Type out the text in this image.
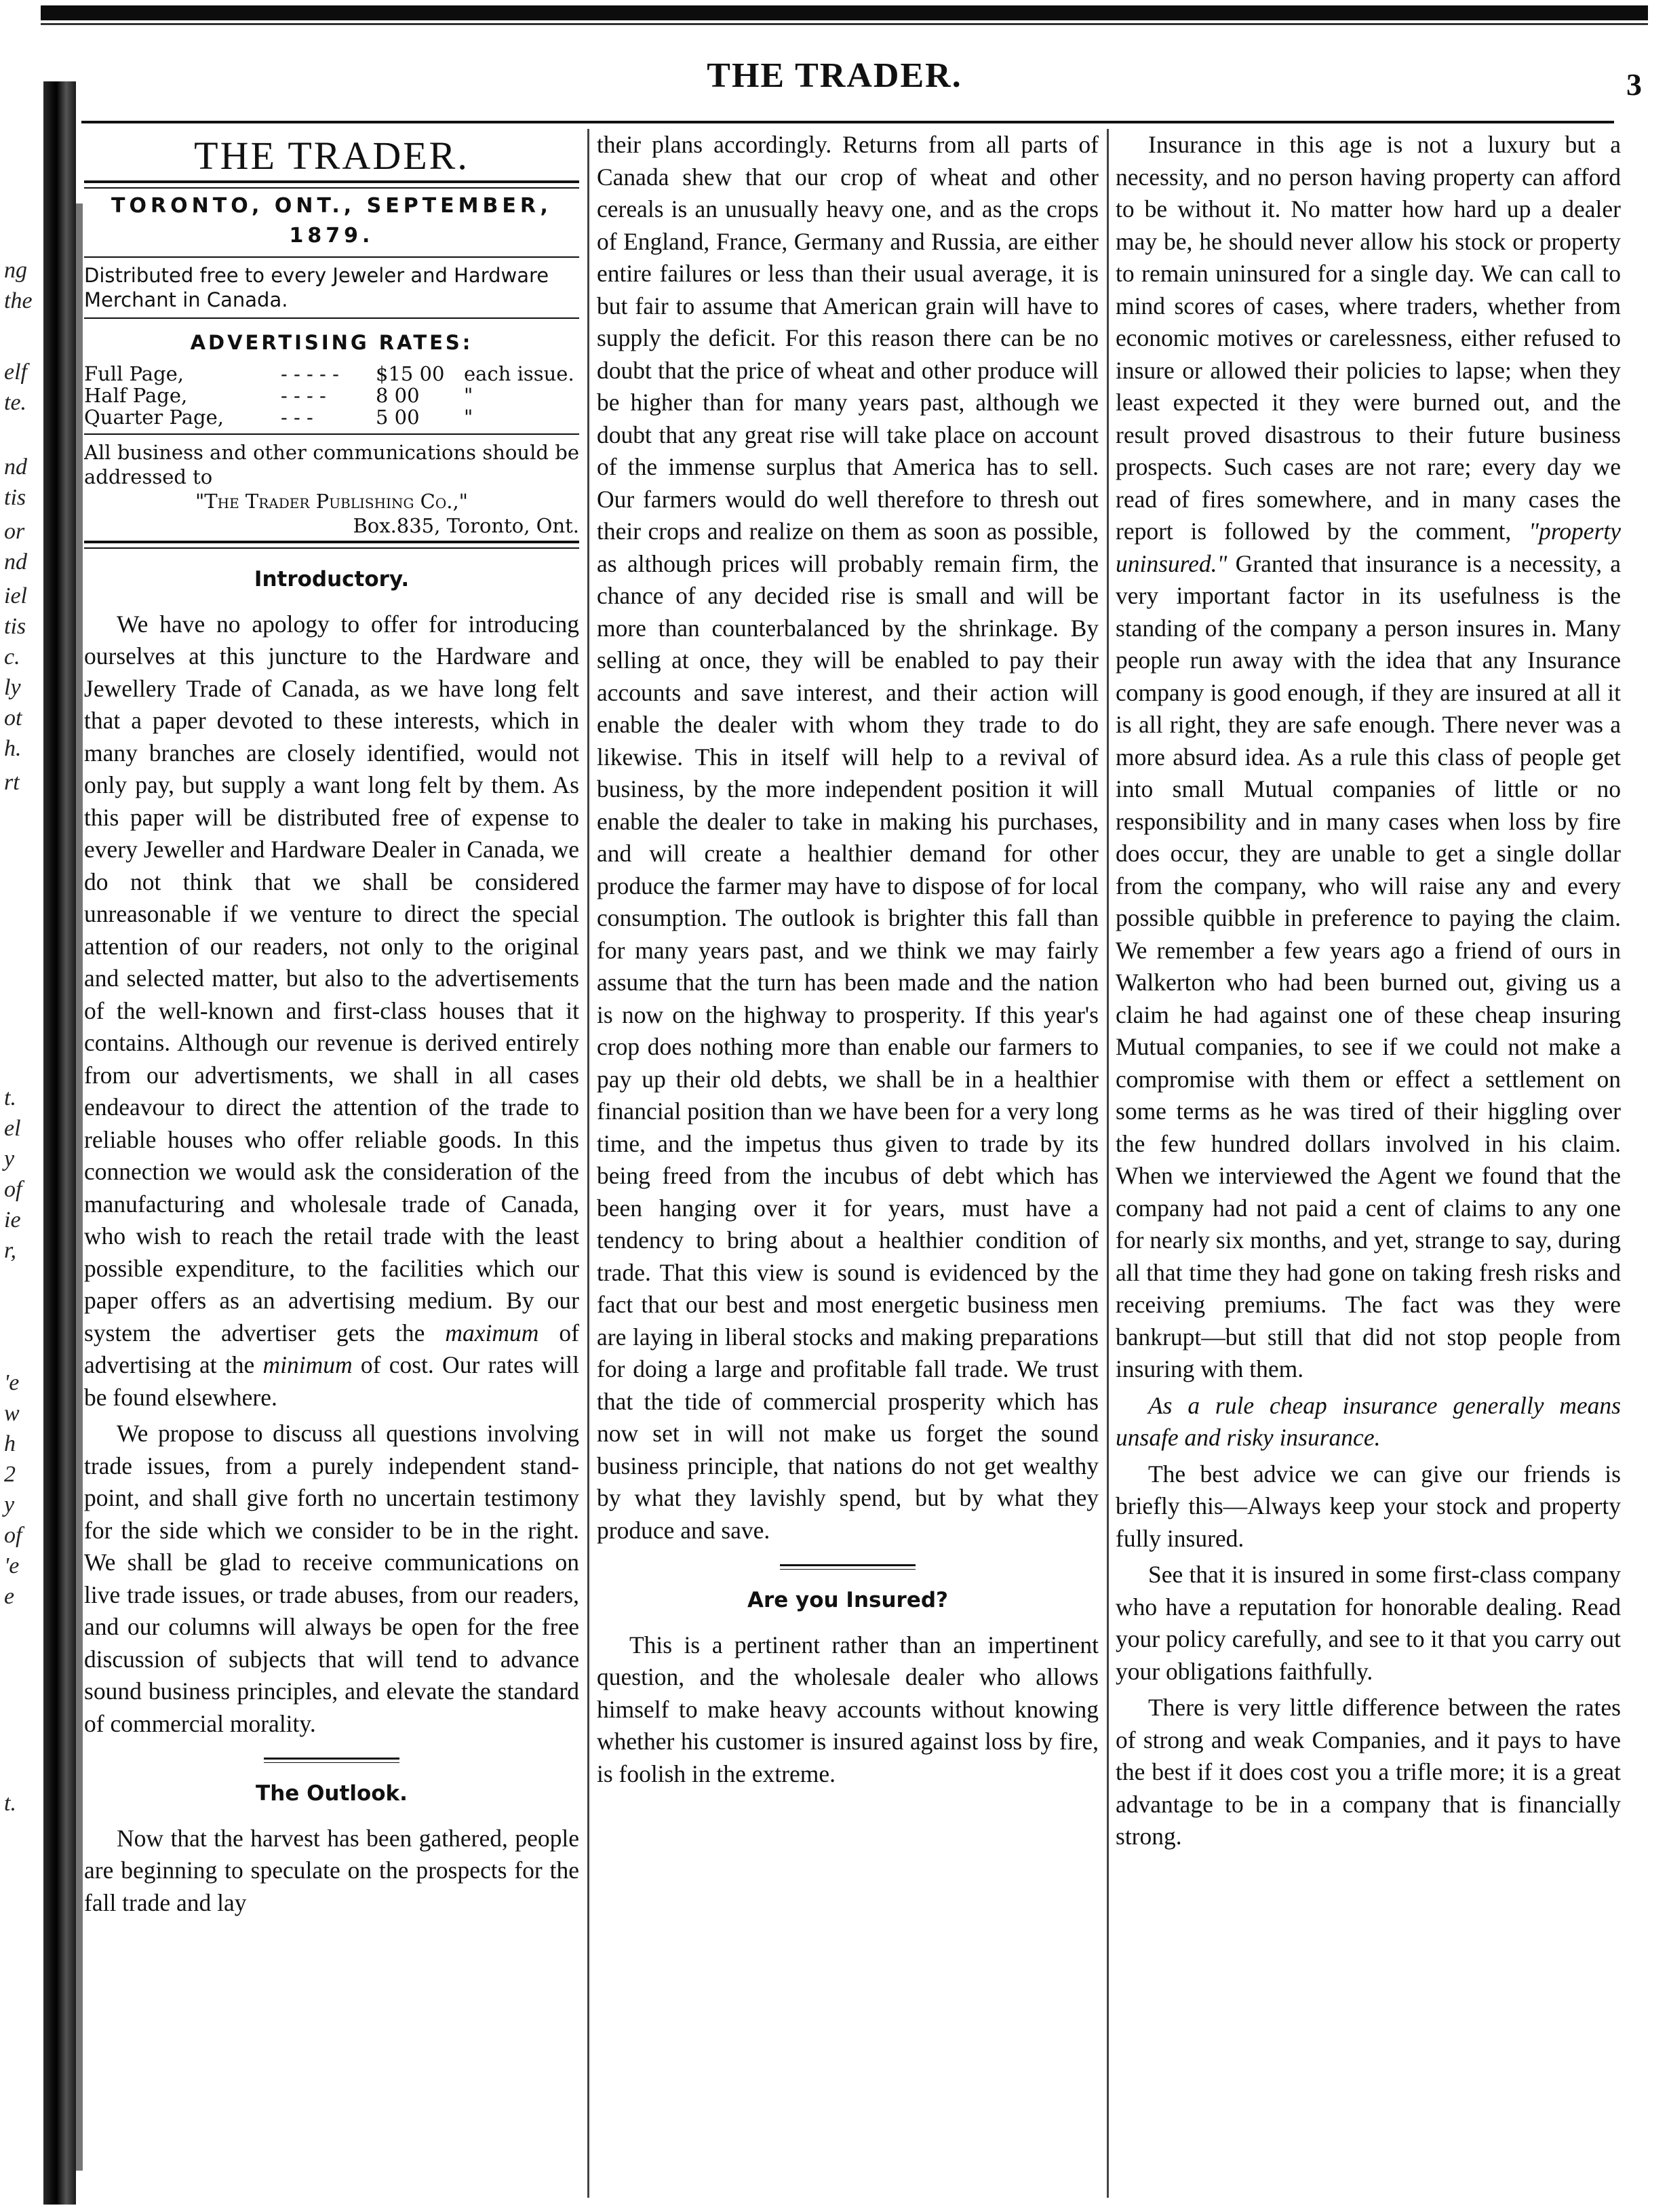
THE TRADER.	3
ng
the
elf
te.
nd
tis
or
nd
iel
tis
c.
ly
ot
h.
rt
t.
el
y
of
ie
r,
'e
w
h
2
y
of
'e
e
t.
THE TRADER.
TORONTO, ONT., SEPTEMBER, 1879.
Distributed free to every Jeweler and Hardware Merchant in Canada.
ADVERTISING RATES:
Full Page,	- - - - -	$15 00 each issue.
Half Page,	- - - -	8 00	"
Quarter Page,	- - -	5 00	"
All business and other communications should be addressed to
"The Trader Publishing Co.,"
Box.835, Toronto, Ont.
Introductory.

We have no apology to offer for introducing ourselves at this juncture to the Hardware and Jewellery Trade of Canada, as we have long felt that a paper devoted to these interests, which in many branches are closely identified, would not only pay, but supply a want long felt by them. As this paper will be distributed free of expense to every Jeweller and Hardware Dealer in Canada, we do not think that we shall be considered unreasonable if we venture to direct the special attention of our readers, not only to the original and selected matter, but also to the advertisements of the well-known and first-class houses that it contains. Although our revenue is derived entirely from our advertisments, we shall in all cases endeavour to direct the attention of the trade to reliable houses who offer reliable goods. In this connection we would ask the consideration of the manufacturing and wholesale trade of Canada, who wish to reach the retail trade with the least possible expenditure, to the facilities which our paper offers as an advertising medium. By our system the advertiser gets the maximum of advertising at the minimum of cost. Our rates will be found elsewhere.

We propose to discuss all questions involving trade issues, from a purely independent stand-point, and shall give forth no uncertain testimony for the side which we consider to be in the right. We shall be glad to receive communications on live trade issues, or trade abuses, from our readers, and our columns will always be open for the free discussion of subjects that will tend to advance sound business principles, and elevate the standard of commercial morality.

The Outlook.

Now that the harvest has been gathered, people are beginning to speculate on the prospects for the fall trade and lay

their plans accordingly. Returns from all parts of Canada shew that our crop of wheat and other cereals is an unusually heavy one, and as the crops of England, France, Germany and Russia, are either entire failures or less than their usual average, it is but fair to assume that American grain will have to supply the deficit. For this reason there can be no doubt that the price of wheat and other produce will be higher than for many years past, although we doubt that any great rise will take place on account of the immense surplus that America has to sell. Our farmers would do well therefore to thresh out their crops and realize on them as soon as possible, as although prices will probably remain firm, the chance of any decided rise is small and will be more than counterbalanced by the shrinkage. By selling at once, they will be enabled to pay their accounts and save interest, and their action will enable the dealer with whom they trade to do likewise. This in itself will help to a revival of business, by the more independent position it will enable the dealer to take in making his purchases, and will create a healthier demand for other produce the farmer may have to dispose of for local consumption. The outlook is brighter this fall than for many years past, and we think we may fairly assume that the turn has been made and the nation is now on the highway to prosperity. If this year's crop does nothing more than enable our farmers to pay up their old debts, we shall be in a healthier financial position than we have been for a very long time, and the impetus thus given to trade by its being freed from the incubus of debt which has been hanging over it for years, must have a tendency to bring about a healthier condition of trade. That this view is sound is evidenced by the fact that our best and most energetic business men are laying in liberal stocks and making preparations for doing a large and profitable fall trade. We trust that the tide of commercial prosperity which has now set in will not make us forget the sound business principle, that nations do not get wealthy by what they lavishly spend, but by what they produce and save.

Are you Insured?

This is a pertinent rather than an impertinent question, and the wholesale dealer who allows himself to make heavy accounts without knowing whether his customer is insured against loss by fire, is foolish in the extreme.

Insurance in this age is not a luxury but a necessity, and no person having property can afford to be without it. No matter how hard up a dealer may be, he should never allow his stock or property to remain uninsured for a single day. We can call to mind scores of cases, where traders, whether from economic motives or carelessness, either refused to insure or allowed their policies to lapse; when they least expected it they were burned out, and the result proved disastrous to their future business prospects. Such cases are not rare; every day we read of fires somewhere, and in many cases the report is followed by the comment, "property uninsured." Granted that insurance is a necessity, a very important factor in its usefulness is the standing of the company a person insures in. Many people run away with the idea that any Insurance company is good enough, if they are insured at all it is all right, they are safe enough. There never was a more absurd idea. As a rule this class of people get into small Mutual companies of little or no responsibility and in many cases when loss by fire does occur, they are unable to get a single dollar from the company, who will raise any and every possible quibble in preference to paying the claim. We remember a few years ago a friend of ours in Walkerton who had been burned out, giving us a claim he had against one of these cheap insuring Mutual companies, to see if we could not make a compromise with them or effect a settlement on some terms as he was tired of their higgling over the few hundred dollars involved in his claim. When we interviewed the Agent we found that the company had not paid a cent of claims to any one for nearly six months, and yet, strange to say, during all that time they had gone on taking fresh risks and receiving premiums. The fact was they were bankrupt—but still that did not stop people from insuring with them.

As a rule cheap insurance generally means unsafe and risky insurance.

The best advice we can give our friends is briefly this—Always keep your stock and property fully insured.

See that it is insured in some first-class company who have a reputation for honorable dealing. Read your policy carefully, and see to it that you carry out your obligations faithfully.

There is very little difference between the rates of strong and weak Companies, and it pays to have the best if it does cost you a trifle more; it is a great advantage to be in a company that is financially strong.
